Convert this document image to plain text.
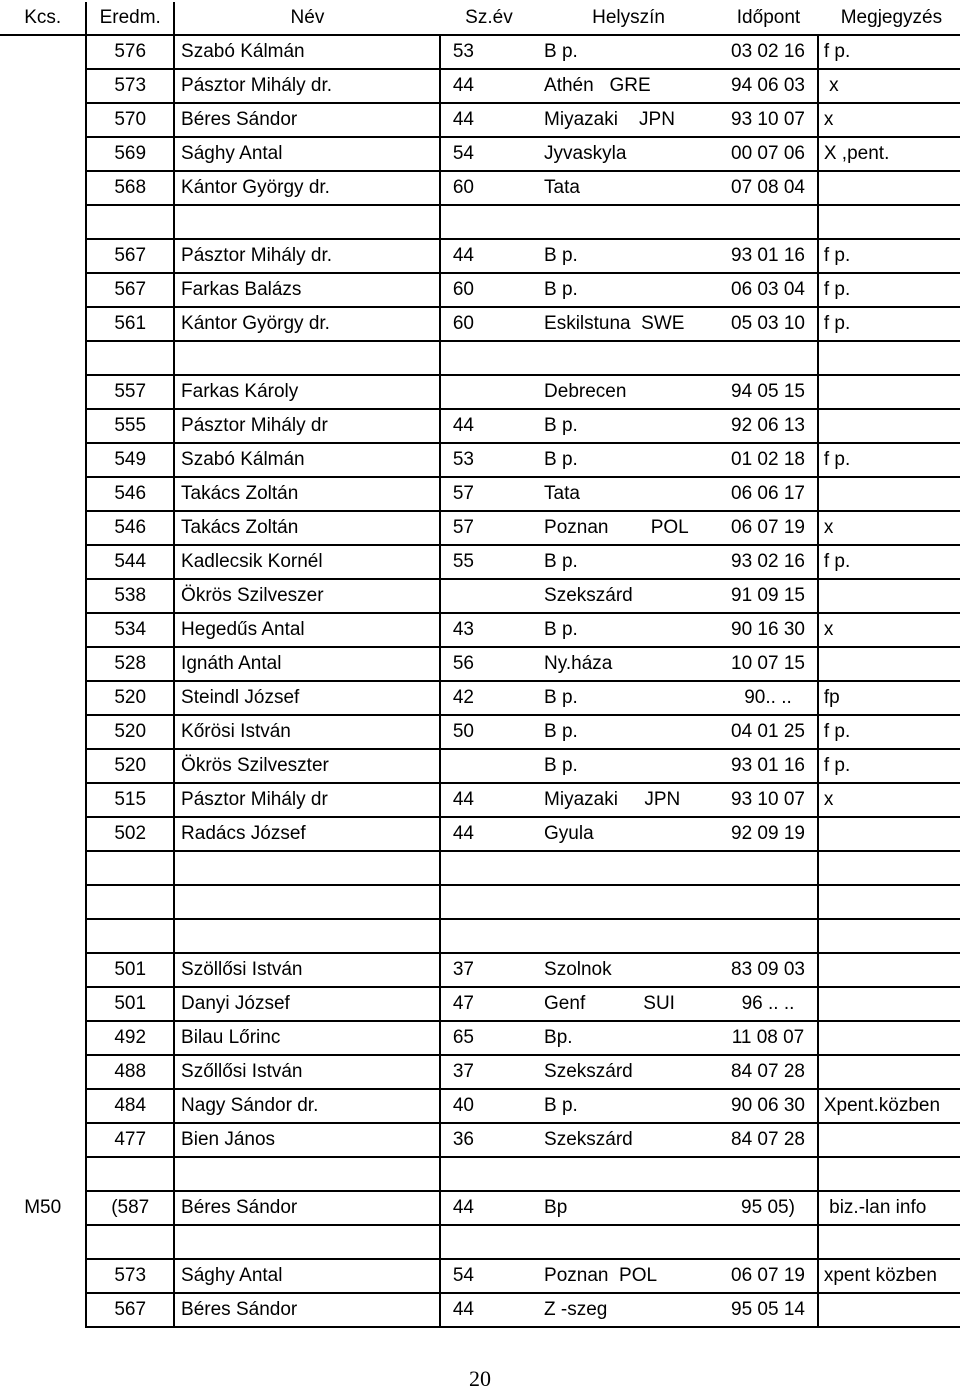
Kcs.	Eredm.	Név	Sz.év	Helyszín	Időpont	Megjegyzés
	576	Szabó Kálmán	53	B p.	03 02 16	f p.
	573	Pásztor Mihály dr.	44	Athén   GRE	94 06 03	x
	570	Béres Sándor	44	Miyazaki    JPN	93 10 07	x
	569	Sághy Antal	54	Jyvaskyla	00 07 06	X ,pent.
	568	Kántor György dr.	60	Tata	07 08 04	

	567	Pásztor Mihály dr.	44	B p.	93 01 16	f p.
	567	Farkas Balázs	60	B p.	06 03 04	f p.
	561	Kántor György dr.	60	Eskilstuna  SWE	05 03 10	f p.

	557	Farkas Károly		Debrecen	94 05 15	
	555	Pásztor Mihály dr	44	B p.	92 06 13	
	549	Szabó Kálmán	53	B p.	01 02 18	f p.
	546	Takács Zoltán	57	Tata	06 06 17	
	546	Takács Zoltán	57	Poznan        POL	06 07 19	x
	544	Kadlecsik Kornél	55	B p.	93 02 16	f p.
	538	Ökrös Szilveszer		Szekszárd	91 09 15	
	534	Hegedűs Antal	43	B p.	90 16 30	x
	528	Ignáth Antal	56	Ny.háza	10 07 15	
	520	Steindl József	42	B p.	90.. ..	fp
	520	Kőrösi István	50	B p.	04 01 25	f p.
	520	Ökrös Szilveszter		B p.	93 01 16	f p.
	515	Pásztor Mihály dr	44	Miyazaki     JPN	93 10 07	x
	502	Radács József	44	Gyula	92 09 19	

	501	Szöllősi István	37	Szolnok	83 09 03	
	501	Danyi József	47	Genf           SUI	96 .. ..	
	492	Bilau Lőrinc	65	Bp.	11 08 07	
	488	Szőllősi István	37	Szekszárd	84 07 28	
	484	Nagy Sándor dr.	40	B p.	90 06 30	Xpent.közben
	477	Bien János	36	Szekszárd	84 07 28	

M50	(587	Béres Sándor	44	Bp	95 05)	biz.-lan info

	573	Sághy Antal	54	Poznan  POL	06 07 19	xpent közben
	567	Béres Sándor	44	Z -szeg	95 05 14	
20
